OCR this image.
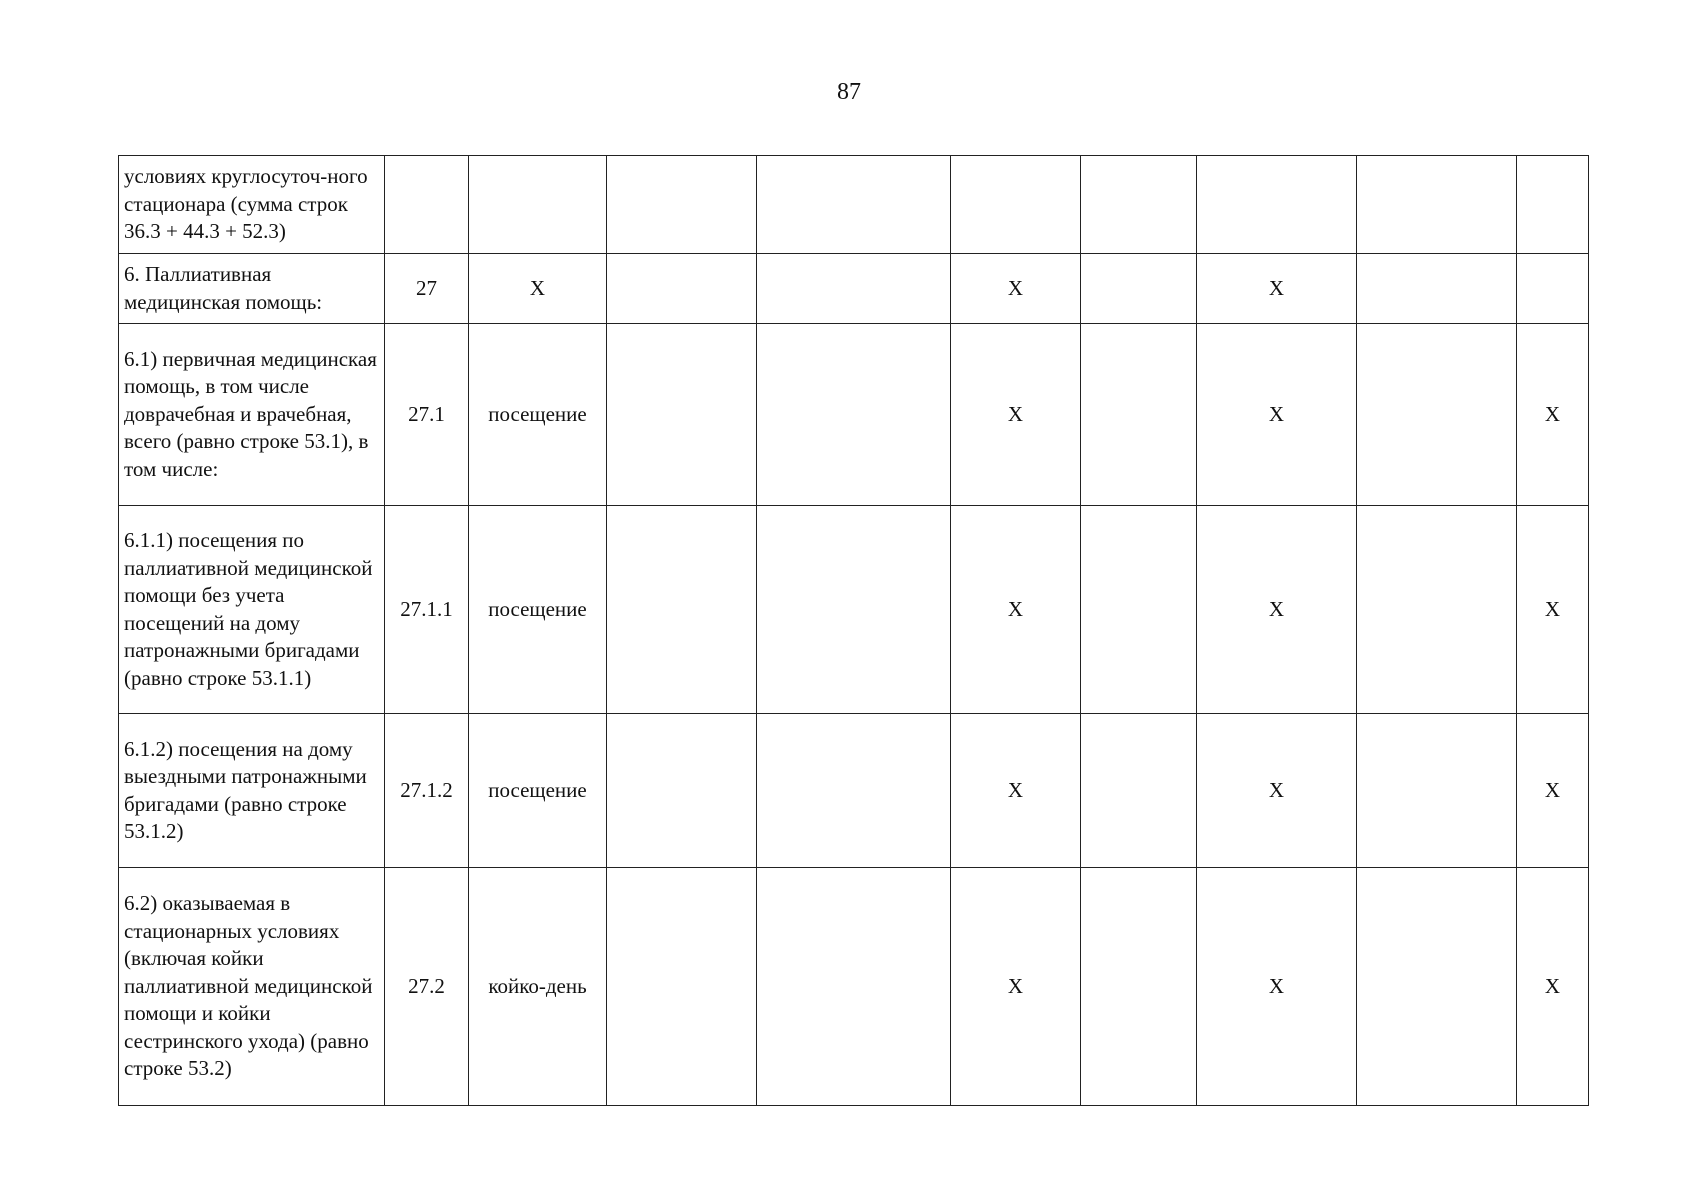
87
условиях круглосуточ-ного стационара (сумма строк 36.3 + 44.3 + 52.3)									
6. Паллиативная медицинская помощь:	27	X			X		X		
6.1) первичная медицинская помощь, в том числе доврачебная и врачебная, всего (равно строке 53.1), в том числе:	27.1	посещение			X		X		X
6.1.1) посещения по паллиативной медицинской помощи без учета посещений на дому патронажными бригадами (равно строке 53.1.1)	27.1.1	посещение			X		X		X
6.1.2) посещения на дому выездными патронажными бригадами (равно строке 53.1.2)	27.1.2	посещение			X		X		X
6.2) оказываемая в стационарных условиях (включая койки паллиативной медицинской помощи и койки сестринского ухода) (равно строке 53.2)	27.2	койко-день			X		X		X
